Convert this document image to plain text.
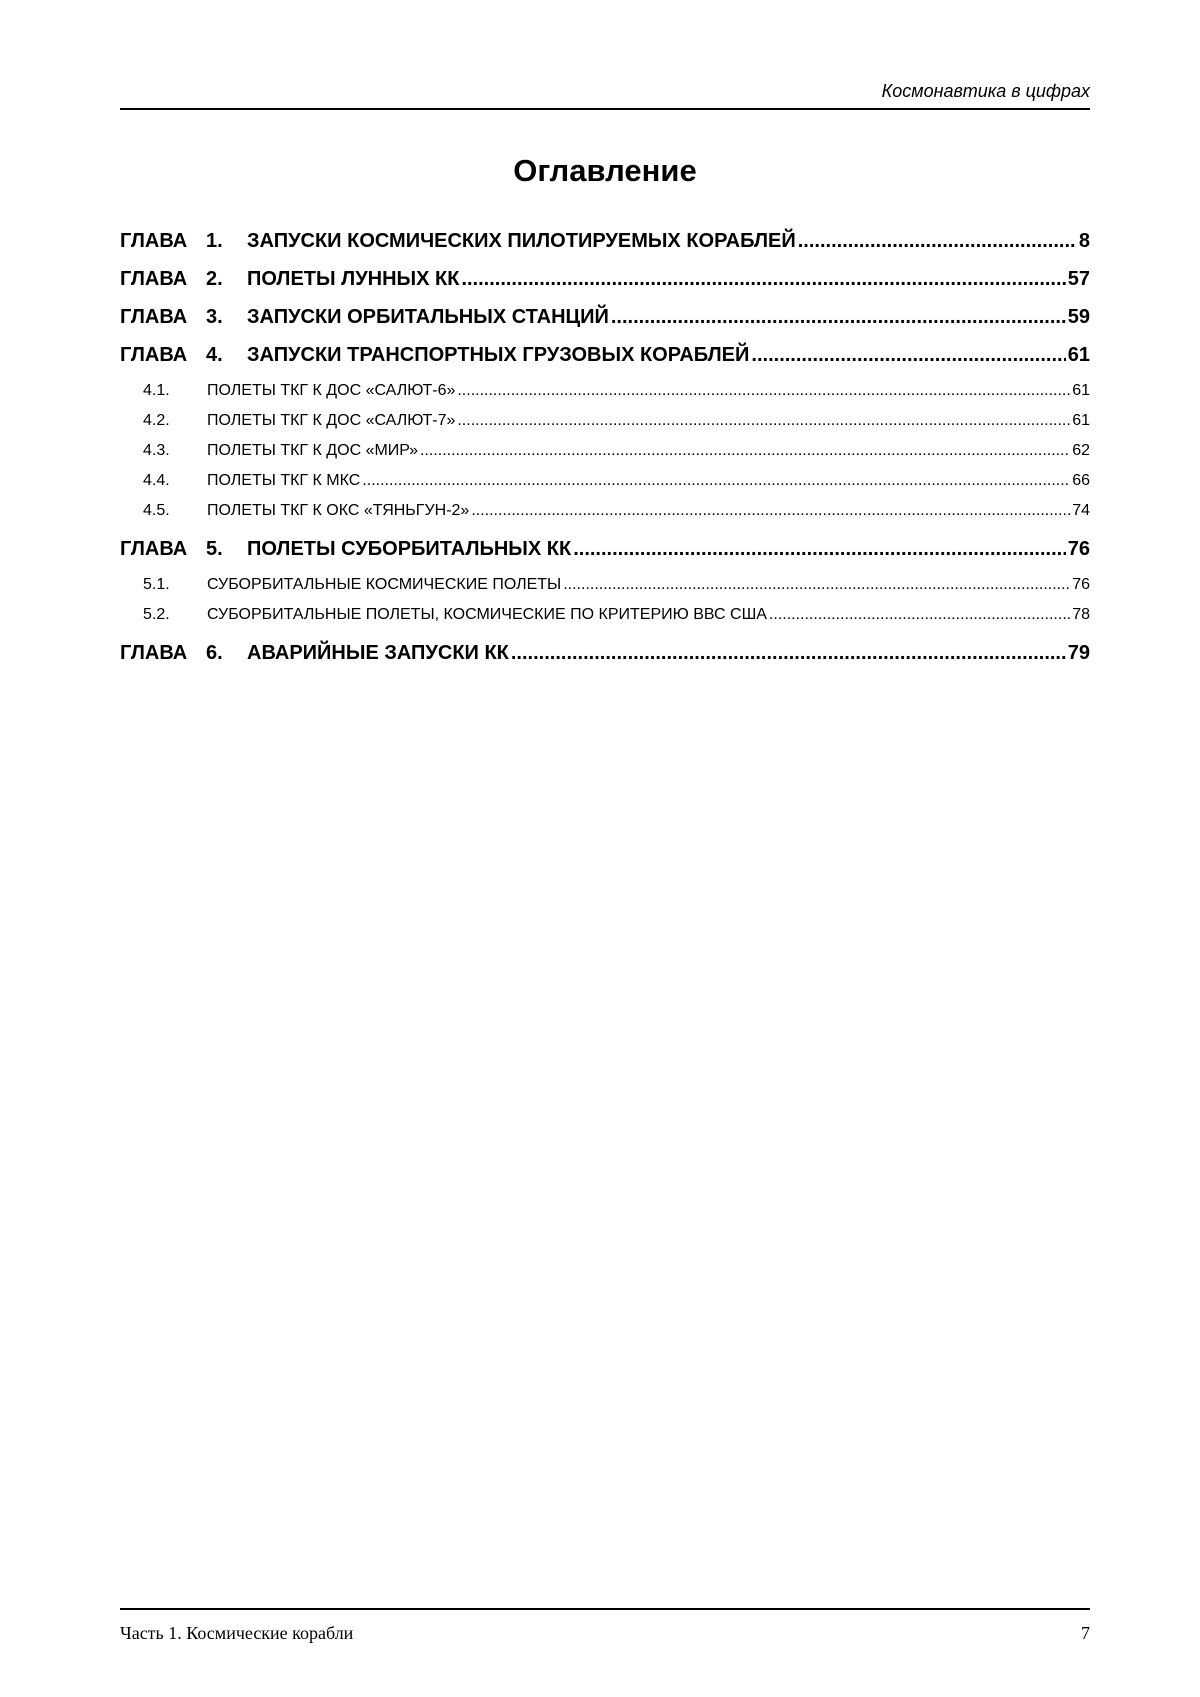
Космонавтика в цифрах
Оглавление
ГЛАВА 1.	ЗАПУСКИ КОСМИЧЕСКИХ ПИЛОТИРУЕМЫХ КОРАБЛЕЙ .....	8
ГЛАВА 2.	ПОЛЕТЫ ЛУННЫХ КК .....	57
ГЛАВА 3.	ЗАПУСКИ ОРБИТАЛЬНЫХ СТАНЦИЙ .....	59
ГЛАВА 4.	ЗАПУСКИ ТРАНСПОРТНЫХ ГРУЗОВЫХ КОРАБЛЕЙ .....	61
4.1.	ПОЛЕТЫ ТКГ К ДОС «САЛЮТ-6» .....	61
4.2.	ПОЛЕТЫ ТКГ К ДОС «САЛЮТ-7» .....	61
4.3.	ПОЛЕТЫ ТКГ К ДОС «МИР» .....	62
4.4.	ПОЛЕТЫ ТКГ К МКС .....	66
4.5.	ПОЛЕТЫ ТКГ К ОКС «ТЯНЬГУН-2» .....	74
ГЛАВА 5.	ПОЛЕТЫ СУБОРБИТАЛЬНЫХ КК .....	76
5.1.	СУБОРБИТАЛЬНЫЕ КОСМИЧЕСКИЕ ПОЛЕТЫ .....	76
5.2.	СУБОРБИТАЛЬНЫЕ ПОЛЕТЫ, КОСМИЧЕСКИЕ ПО КРИТЕРИЮ ВВС США .....	78
ГЛАВА 6.	АВАРИЙНЫЕ ЗАПУСКИ КК .....	79
Часть 1. Космические корабли	7
